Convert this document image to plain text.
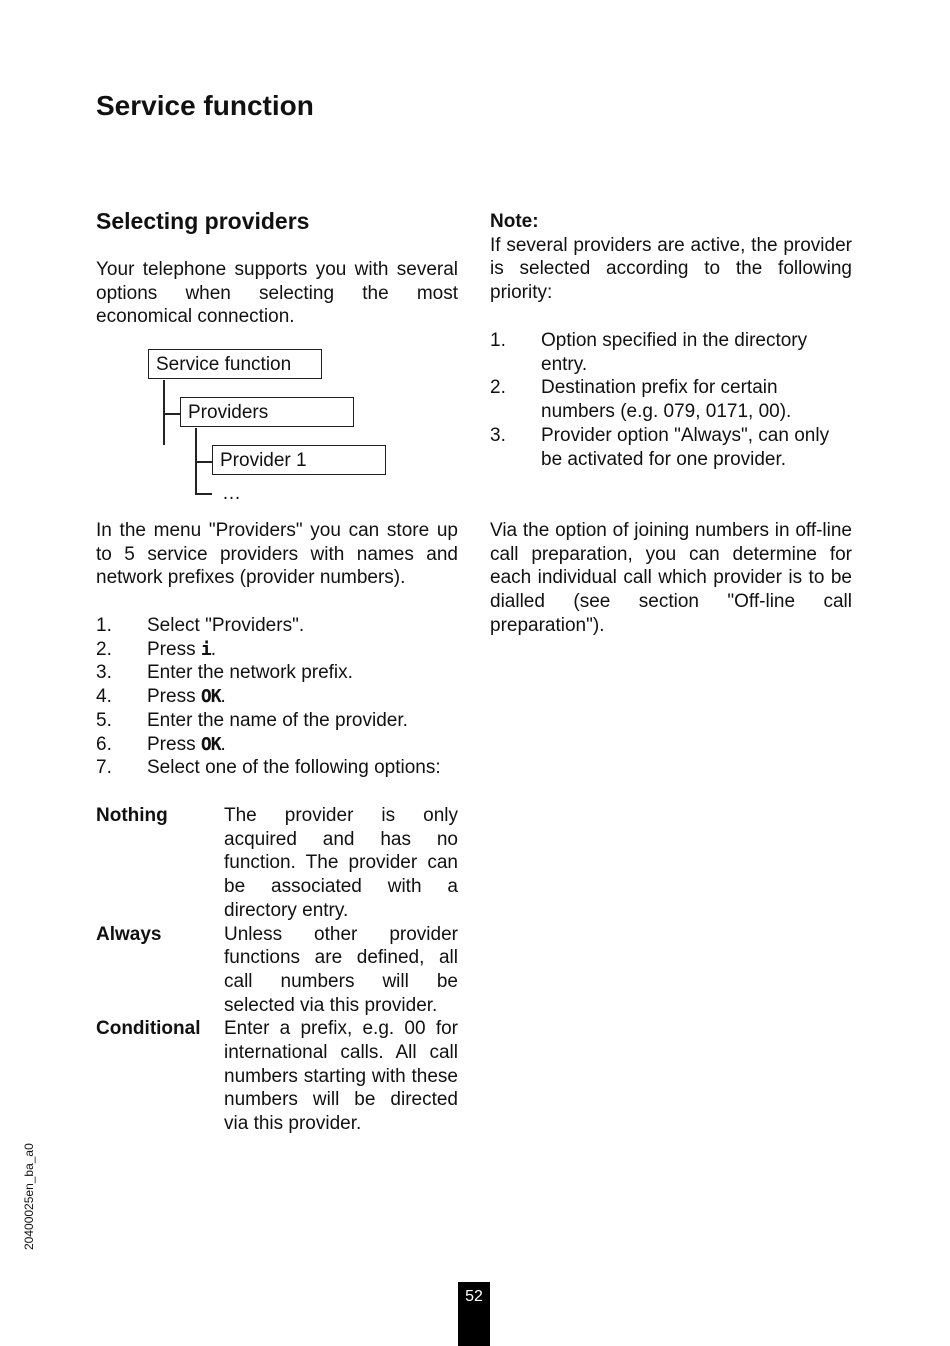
Service function
Selecting providers

Your telephone supports you with several options when selecting the most economical connection.

Service function
Providers
Provider 1
…

In the menu "Providers" you can store up to 5 service providers with names and network prefixes (provider numbers).

1. Select "Providers".
2. Press i.
3. Enter the network prefix.
4. Press OK.
5. Enter the name of the provider.
6. Press OK.
7. Select one of the following options:
Nothing	The provider is only acquired and has no function. The provider can be associated with a directory entry.
Always	Unless other provider functions are defined, all call numbers will be selected via this provider.
Conditional	Enter a prefix, e.g. 00 for international calls. All call numbers starting with these numbers will be directed via this provider.

Note:

If several providers are active, the provider is selected according to the following priority:

1. Option specified in the directory entry.
2. Destination prefix for certain numbers (e.g. 079, 0171, 00).
3. Provider option "Always", can only be activated for one provider.

Via the option of joining numbers in off-line call preparation, you can determine for each individual call which provider is to be dialled (see section "Off-line call preparation").

20400025en_ba_a0
52
